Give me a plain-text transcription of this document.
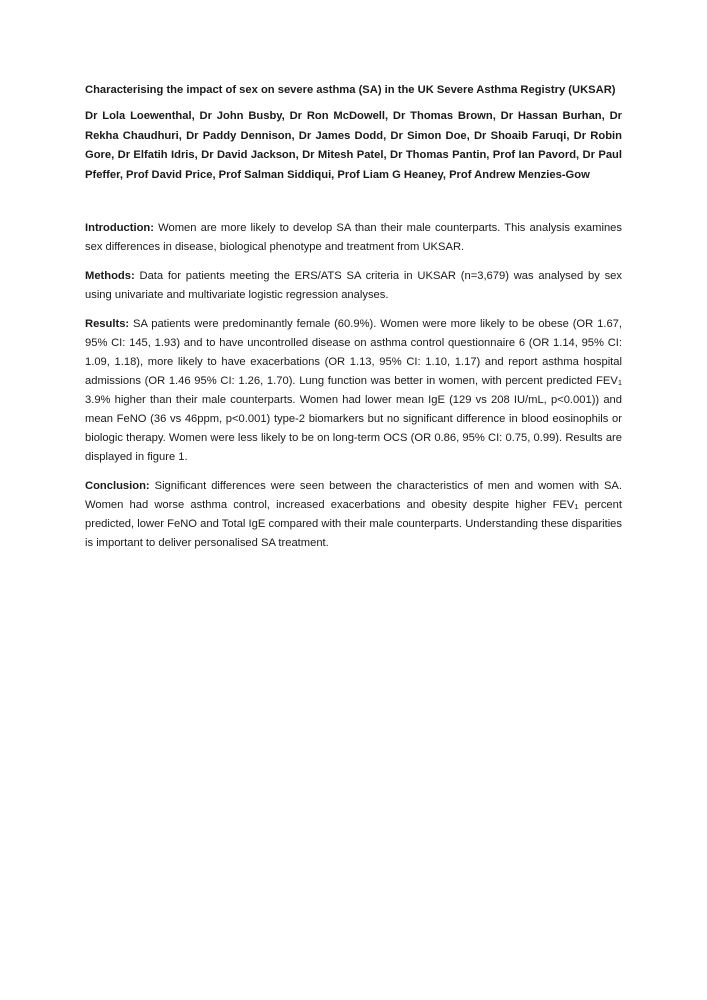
Characterising the impact of sex on severe asthma (SA) in the UK Severe Asthma Registry (UKSAR)

Dr Lola Loewenthal, Dr John Busby, Dr Ron McDowell, Dr Thomas Brown, Dr Hassan Burhan, Dr Rekha Chaudhuri, Dr Paddy Dennison, Dr James Dodd, Dr Simon Doe, Dr Shoaib Faruqi, Dr Robin Gore, Dr Elfatih Idris, Dr David Jackson, Dr Mitesh Patel, Dr Thomas Pantin, Prof Ian Pavord, Dr Paul Pfeffer, Prof David Price, Prof Salman Siddiqui, Prof Liam G Heaney, Prof Andrew Menzies-Gow

Introduction: Women are more likely to develop SA than their male counterparts. This analysis examines sex differences in disease, biological phenotype and treatment from UKSAR.

Methods: Data for patients meeting the ERS/ATS SA criteria in UKSAR (n=3,679) was analysed by sex using univariate and multivariate logistic regression analyses.

Results: SA patients were predominantly female (60.9%). Women were more likely to be obese (OR 1.67, 95% CI: 145, 1.93) and to have uncontrolled disease on asthma control questionnaire 6 (OR 1.14, 95% CI: 1.09, 1.18), more likely to have exacerbations (OR 1.13, 95% CI: 1.10, 1.17) and report asthma hospital admissions (OR 1.46 95% CI: 1.26, 1.70). Lung function was better in women, with percent predicted $FEV_1$ 3.9% higher than their male counterparts. Women had lower mean IgE (129 vs 208 IU/mL, p<0.001)) and mean FeNO (36 vs 46ppm, p<0.001) type-2 biomarkers but no significant difference in blood eosinophils or biologic therapy. Women were less likely to be on long-term OCS (OR 0.86, 95% CI: 0.75, 0.99). Results are displayed in figure 1.

Conclusion: Significant differences were seen between the characteristics of men and women with SA. Women had worse asthma control, increased exacerbations and obesity despite higher $FEV_1$ percent predicted, lower FeNO and Total IgE compared with their male counterparts. Understanding these disparities is important to deliver personalised SA treatment.
